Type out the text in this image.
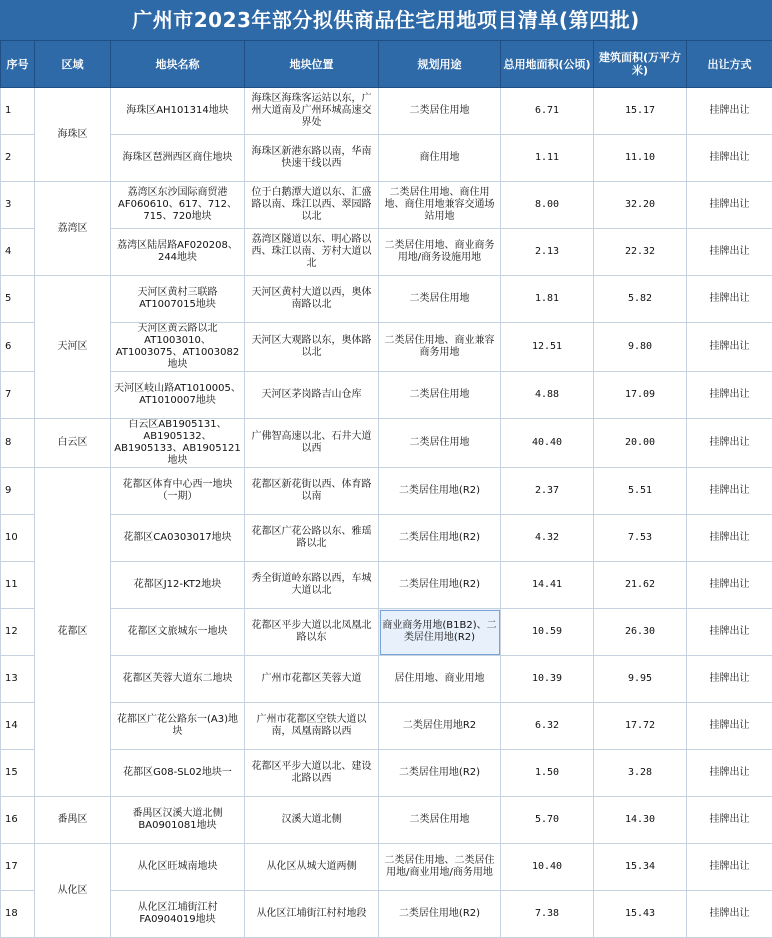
广州市2023年部分拟供商品住宅用地项目清单(第四批)
序号	区域	地块名称	地块位置	规划用途	总用地面积(公顷)	建筑面积(万平方米)	出让方式
1	海珠区	海珠区AH101314地块	海珠区海珠客运站以东，广州大道南及广州环城高速交界处	二类居住用地	6.71	15.17	挂牌出让
2		海珠区琶洲西区商住地块	海珠区新港东路以南，华南快速干线以西	商住用地	1.11	11.10	挂牌出让
3	荔湾区	荔湾区东沙国际商贸港AF060610、617、712、715、720地块	位于白鹅潭大道以东、汇盛路以南、珠江以西、翠园路以北	二类居住用地、商住用地、商住用地兼容交通场站用地	8.00	32.20	挂牌出让
4		荔湾区陆居路AF020208、244地块	荔湾区隧道以东、明心路以西、珠江以南、芳村大道以北	二类居住用地、商业商务用地/商务设施用地	2.13	22.32	挂牌出让
5	天河区	天河区黄村三联路AT1007015地块	天河区黄村大道以西，奥体南路以北	二类居住用地	1.81	5.82	挂牌出让
6		天河区黄云路以北AT1003010、AT1003075、AT1003082地块	天河区大观路以东，奥体路以北	二类居住用地、商业兼容商务用地	12.51	9.80	挂牌出让
7		天河区岐山路AT1010005、AT1010007地块	天河区茅岗路吉山仓库	二类居住用地	4.88	17.09	挂牌出让
8	白云区	白云区AB1905131、AB1905132、AB1905133、AB1905121地块	广佛智高速以北、石井大道以西	二类居住用地	40.40	20.00	挂牌出让
9	花都区	花都区体育中心西一地块（一期）	花都区新花街以西、体育路以南	二类居住用地(R2)	2.37	5.51	挂牌出让
10		花都区CA0303017地块	花都区广花公路以东、雅瑶路以北	二类居住用地(R2)	4.32	7.53	挂牌出让
11		花都区J12-KT2地块	秀全街道岭东路以西，车城大道以北	二类居住用地(R2)	14.41	21.62	挂牌出让
12		花都区文旅城东一地块	花都区平步大道以北凤凰北路以东	商业商务用地(B1B2)、二类居住用地(R2)	10.59	26.30	挂牌出让
13		花都区芙蓉大道东二地块	广州市花都区芙蓉大道	居住用地、商业用地	10.39	9.95	挂牌出让
14		花都区广花公路东一(A3)地块	广州市花都区空铁大道以南，凤凰南路以西	二类居住用地R2	6.32	17.72	挂牌出让
15		花都区G08-SL02地块一	花都区平步大道以北、建设北路以西	二类居住用地(R2)	1.50	3.28	挂牌出让
16	番禺区	番禺区汉溪大道北侧BA0901081地块	汉溪大道北侧	二类居住用地	5.70	14.30	挂牌出让
17	从化区	从化区旺城南地块	从化区从城大道两侧	二类居住用地、二类居住用地/商业用地/商务用地	10.40	15.34	挂牌出让
18		从化区江埔街江村FA0904019地块	从化区江埔街江村村地段	二类居住用地(R2)	7.38	15.43	挂牌出让
